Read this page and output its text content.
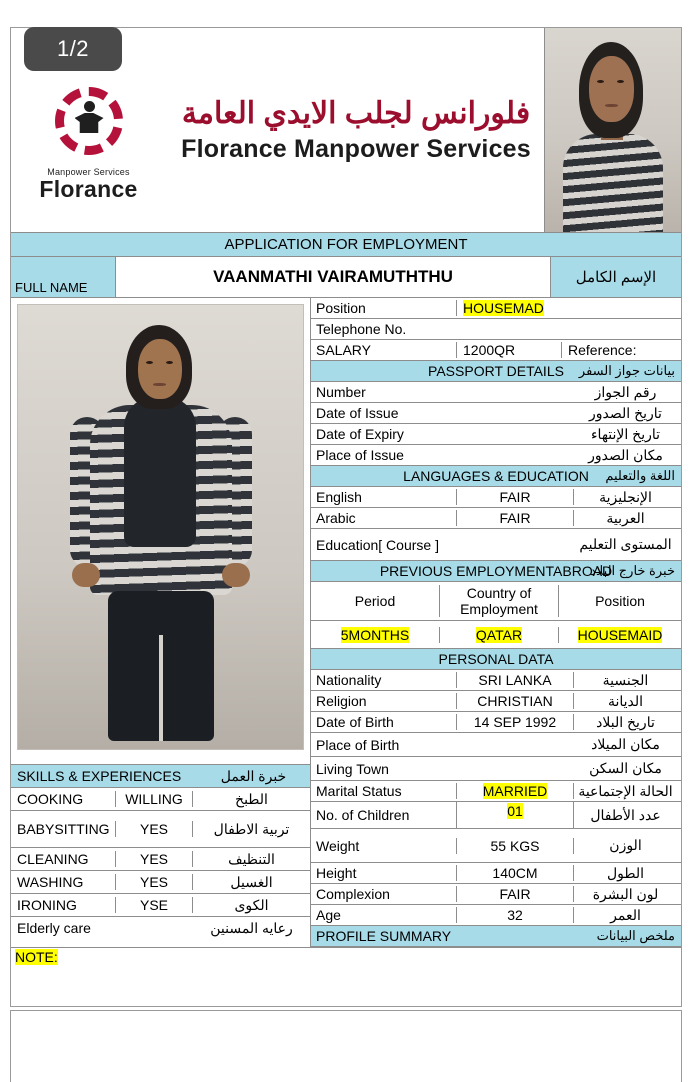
1/2
Manpower Services
Florance
فلورانس لجلب الايدي العامة
Florance Manpower Services
APPLICATION FOR EMPLOYMENT
FULL NAME
VAANMATHI VAIRAMUTHTHU	الإسم الكامل
SKILLS & EXPERIENCES	خبرة العمل
COOKING	WILLING	الطبخ
BABYSITTING	YES	تربية الاطفال
CLEANING	YES	التنظيف
WASHING	YES	الغسيل
IRONING	YSE	الكوى
Elderly care	رعايه المسنين
Position	HOUSEMAD
Telephone No.
SALARY	1200QR	Reference:
PASSPORT DETAILS	بيانات جواز السفر
Number	رقم الجواز
Date of Issue	تاريخ الصدور
Date of Expiry	تاريخ الإنتهاء
Place of Issue	مكان الصدور
LANGUAGES & EDUCATION	اللغة والتعليم
English	FAIR	الإنجليزية
Arabic	FAIR	العربية
Education[ Course ]	المستوى التعليم
PREVIOUS EMPLOYMENTABROAD
خبرة خارج البلاد
Period	Country of Employment	Position
5MONTHS	QATAR	HOUSEMAID
PERSONAL DATA
Nationality	SRI LANKA	الجنسية
Religion	CHRISTIAN	الديانة
Date of Birth	14 SEP 1992	تاريخ البلاد
Place of Birth	مكان الميلاد
Living Town	مكان السكن
Marital Status	MARRIED	الحالة الإجتماعية
No. of Children	01	عدد الأطفال
Weight	55 KGS	الوزن
Height	140CM	الطول
Complexion	FAIR	لون البشرة
Age	32	العمر
PROFILE SUMMARY	ملخص البيانات
NOTE:
